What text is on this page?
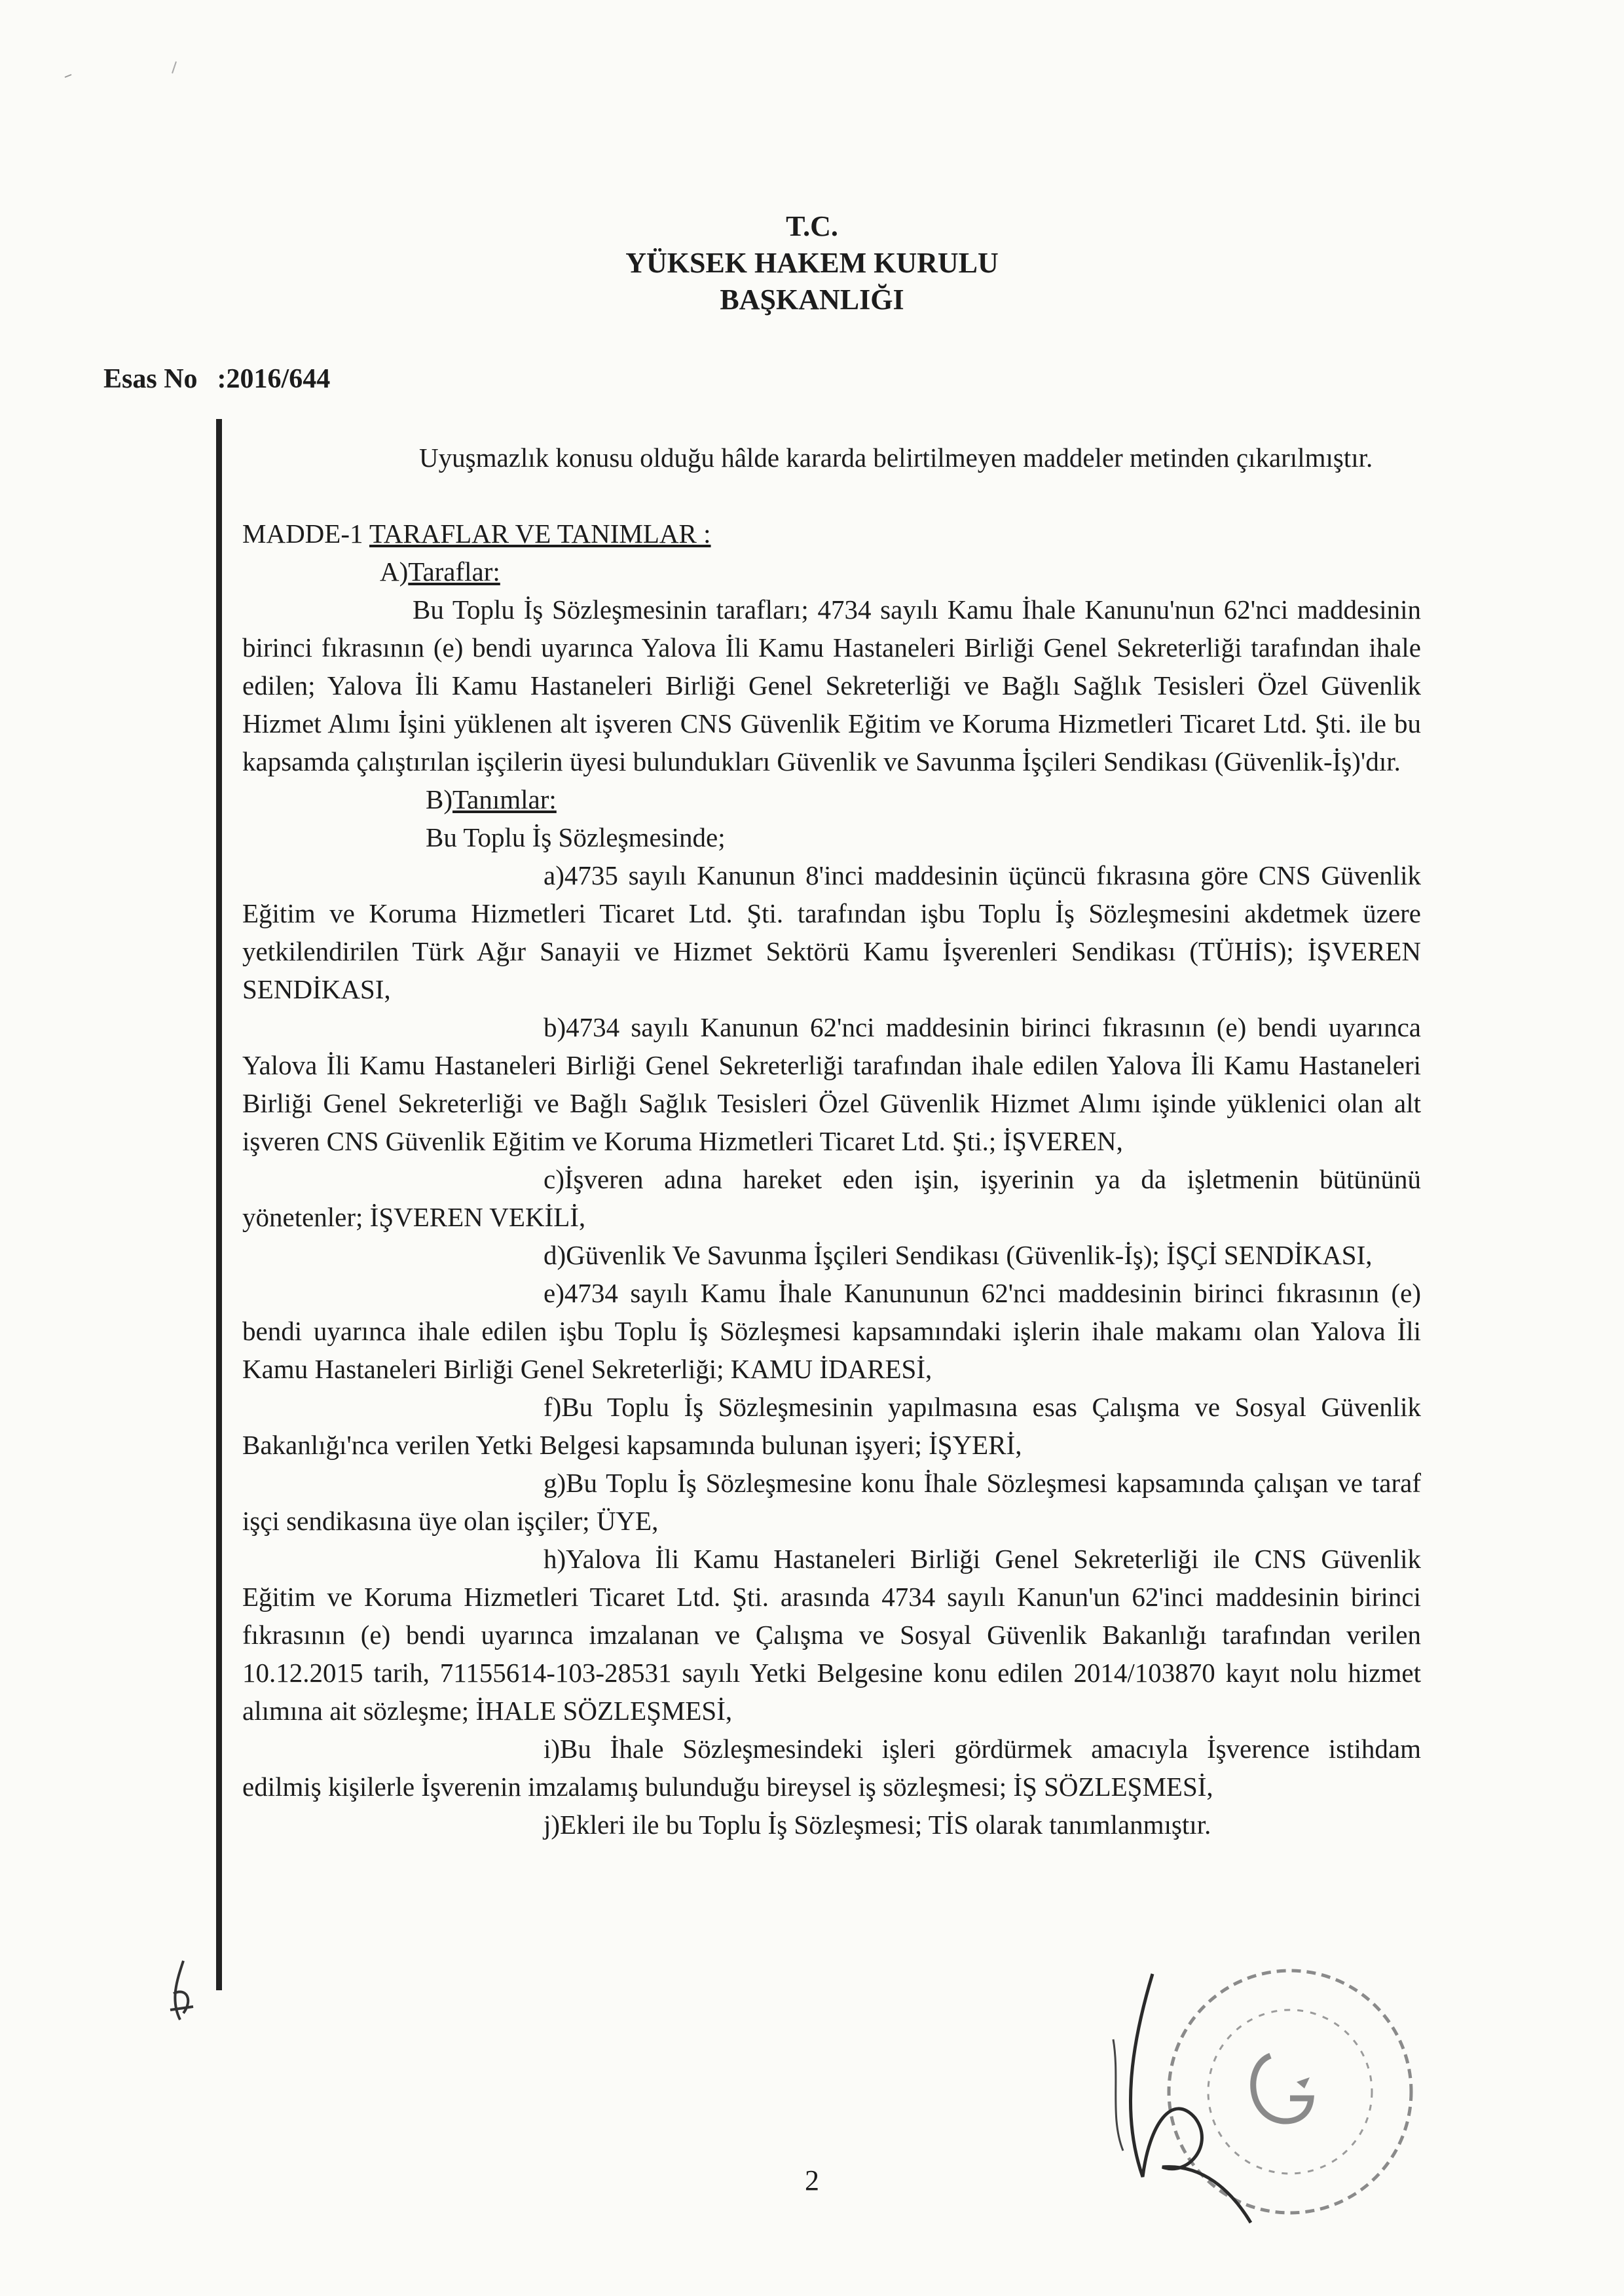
T.C.
YÜKSEK HAKEM KURULU
BAŞKANLIĞI
Esas No :2016/644

Uyuşmazlık konusu olduğu hâlde kararda belirtilmeyen maddeler metinden çıkarılmıştır.

MADDE-1 TARAFLAR VE TANIMLAR :

A)Taraflar:

Bu Toplu İş Sözleşmesinin tarafları; 4734 sayılı Kamu İhale Kanunu'nun 62'nci maddesinin birinci fıkrasının (e) bendi uyarınca Yalova İli Kamu Hastaneleri Birliği Genel Sekreterliği tarafından ihale edilen; Yalova İli Kamu Hastaneleri Birliği Genel Sekreterliği ve Bağlı Sağlık Tesisleri Özel Güvenlik Hizmet Alımı İşini yüklenen alt işveren CNS Güvenlik Eğitim ve Koruma Hizmetleri Ticaret Ltd. Şti. ile bu kapsamda çalıştırılan işçilerin üyesi bulundukları Güvenlik ve Savunma İşçileri Sendikası (Güvenlik-İş)'dır.

B)Tanımlar:

Bu Toplu İş Sözleşmesinde;

a)4735 sayılı Kanunun 8'inci maddesinin üçüncü fıkrasına göre CNS Güvenlik Eğitim ve Koruma Hizmetleri Ticaret Ltd. Şti. tarafından işbu Toplu İş Sözleşmesini akdetmek üzere yetkilendirilen Türk Ağır Sanayii ve Hizmet Sektörü Kamu İşverenleri Sendikası (TÜHİS); İŞVEREN SENDİKASI,

b)4734 sayılı Kanunun 62'nci maddesinin birinci fıkrasının (e) bendi uyarınca Yalova İli Kamu Hastaneleri Birliği Genel Sekreterliği tarafından ihale edilen Yalova İli Kamu Hastaneleri Birliği Genel Sekreterliği ve Bağlı Sağlık Tesisleri Özel Güvenlik Hizmet Alımı işinde yüklenici olan alt işveren CNS Güvenlik Eğitim ve Koruma Hizmetleri Ticaret Ltd. Şti.; İŞVEREN,

c)İşveren adına hareket eden işin, işyerinin ya da işletmenin bütününü yönetenler; İŞVEREN VEKİLİ,

d)Güvenlik Ve Savunma İşçileri Sendikası (Güvenlik-İş); İŞÇİ SENDİKASI,

e)4734 sayılı Kamu İhale Kanununun 62'nci maddesinin birinci fıkrasının (e) bendi uyarınca ihale edilen işbu Toplu İş Sözleşmesi kapsamındaki işlerin ihale makamı olan Yalova İli Kamu Hastaneleri Birliği Genel Sekreterliği; KAMU İDARESİ,

f)Bu Toplu İş Sözleşmesinin yapılmasına esas Çalışma ve Sosyal Güvenlik Bakanlığı'nca verilen Yetki Belgesi kapsamında bulunan işyeri; İŞYERİ,

g)Bu Toplu İş Sözleşmesine konu İhale Sözleşmesi kapsamında çalışan ve taraf işçi sendikasına üye olan işçiler; ÜYE,

h)Yalova İli Kamu Hastaneleri Birliği Genel Sekreterliği ile CNS Güvenlik Eğitim ve Koruma Hizmetleri Ticaret Ltd. Şti. arasında 4734 sayılı Kanun'un 62'inci maddesinin birinci fıkrasının (e) bendi uyarınca imzalanan ve Çalışma ve Sosyal Güvenlik Bakanlığı tarafından verilen 10.12.2015 tarih, 71155614-103-28531 sayılı Yetki Belgesine konu edilen 2014/103870 kayıt nolu hizmet alımına ait sözleşme; İHALE SÖZLEŞMESİ,

i)Bu İhale Sözleşmesindeki işleri gördürmek amacıyla İşverence istihdam edilmiş kişilerle İşverenin imzalamış bulunduğu bireysel iş sözleşmesi; İŞ SÖZLEŞMESİ,

j)Ekleri ile bu Toplu İş Sözleşmesi; TİS olarak tanımlanmıştır.

2
